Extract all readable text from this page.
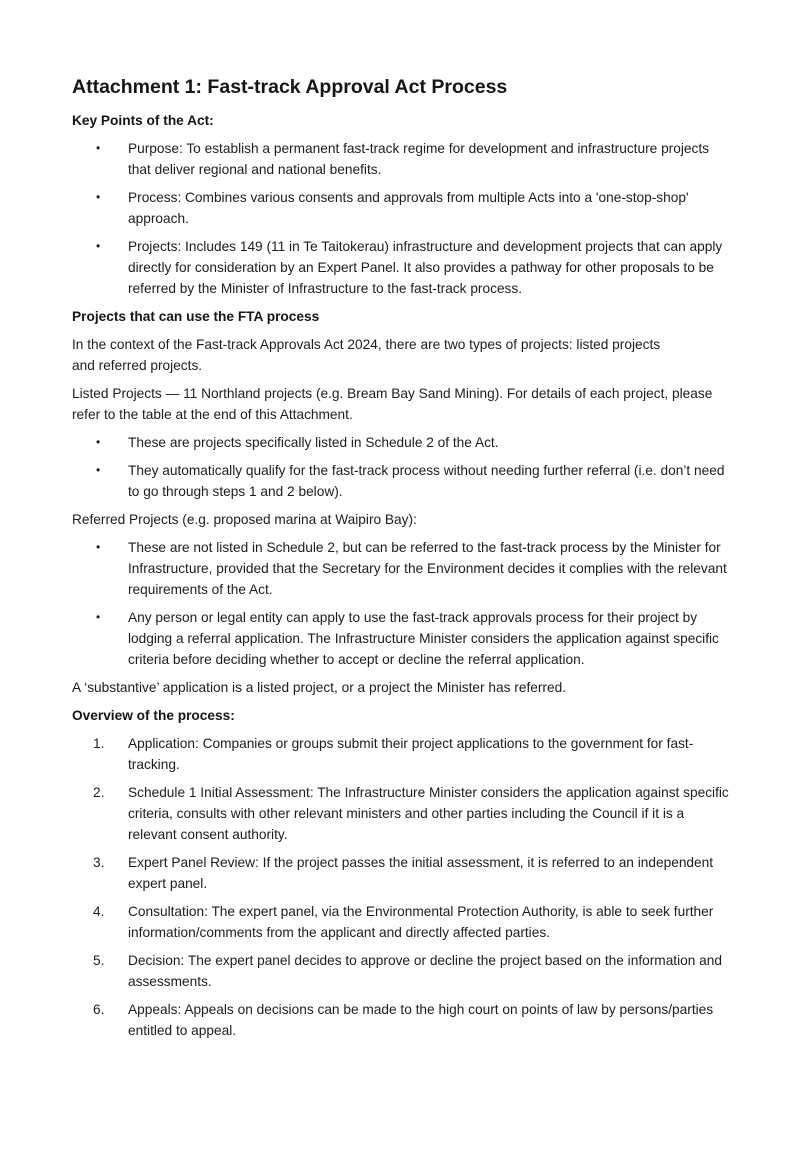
Attachment 1: Fast-track Approval Act Process
Key Points of the Act:
• Purpose: To establish a permanent fast-track regime for development and infrastructure projects that deliver regional and national benefits.
• Process: Combines various consents and approvals from multiple Acts into a 'one-stop-shop' approach.
• Projects: Includes 149 (11 in Te Taitokerau) infrastructure and development projects that can apply directly for consideration by an Expert Panel. It also provides a pathway for other proposals to be referred by the Minister of Infrastructure to the fast-track process.
Projects that can use the FTA process

In the context of the Fast-track Approvals Act 2024, there are two types of projects: listed projects and referred projects.

Listed Projects — 11 Northland projects (e.g. Bream Bay Sand Mining). For details of each project, please refer to the table at the end of this Attachment.

• These are projects specifically listed in Schedule 2 of the Act.
• They automatically qualify for the fast-track process without needing further referral (i.e. don’t need to go through steps 1 and 2 below).

Referred Projects (e.g. proposed marina at Waipiro Bay):

• These are not listed in Schedule 2, but can be referred to the fast-track process by the Minister for Infrastructure, provided that the Secretary for the Environment decides it complies with the relevant requirements of the Act.
• Any person or legal entity can apply to use the fast-track approvals process for their project by lodging a referral application. The Infrastructure Minister considers the application against specific criteria before deciding whether to accept or decline the referral application.

A ‘substantive’ application is a listed project, or a project the Minister has referred.

Overview of the process:
1. Application: Companies or groups submit their project applications to the government for fast-tracking.
2. Schedule 1 Initial Assessment: The Infrastructure Minister considers the application against specific criteria, consults with other relevant ministers and other parties including the Council if it is a relevant consent authority.
3. Expert Panel Review: If the project passes the initial assessment, it is referred to an independent expert panel.
4. Consultation: The expert panel, via the Environmental Protection Authority, is able to seek further information/comments from the applicant and directly affected parties.
5. Decision: The expert panel decides to approve or decline the project based on the information and assessments.
6. Appeals: Appeals on decisions can be made to the high court on points of law by persons/parties entitled to appeal.
